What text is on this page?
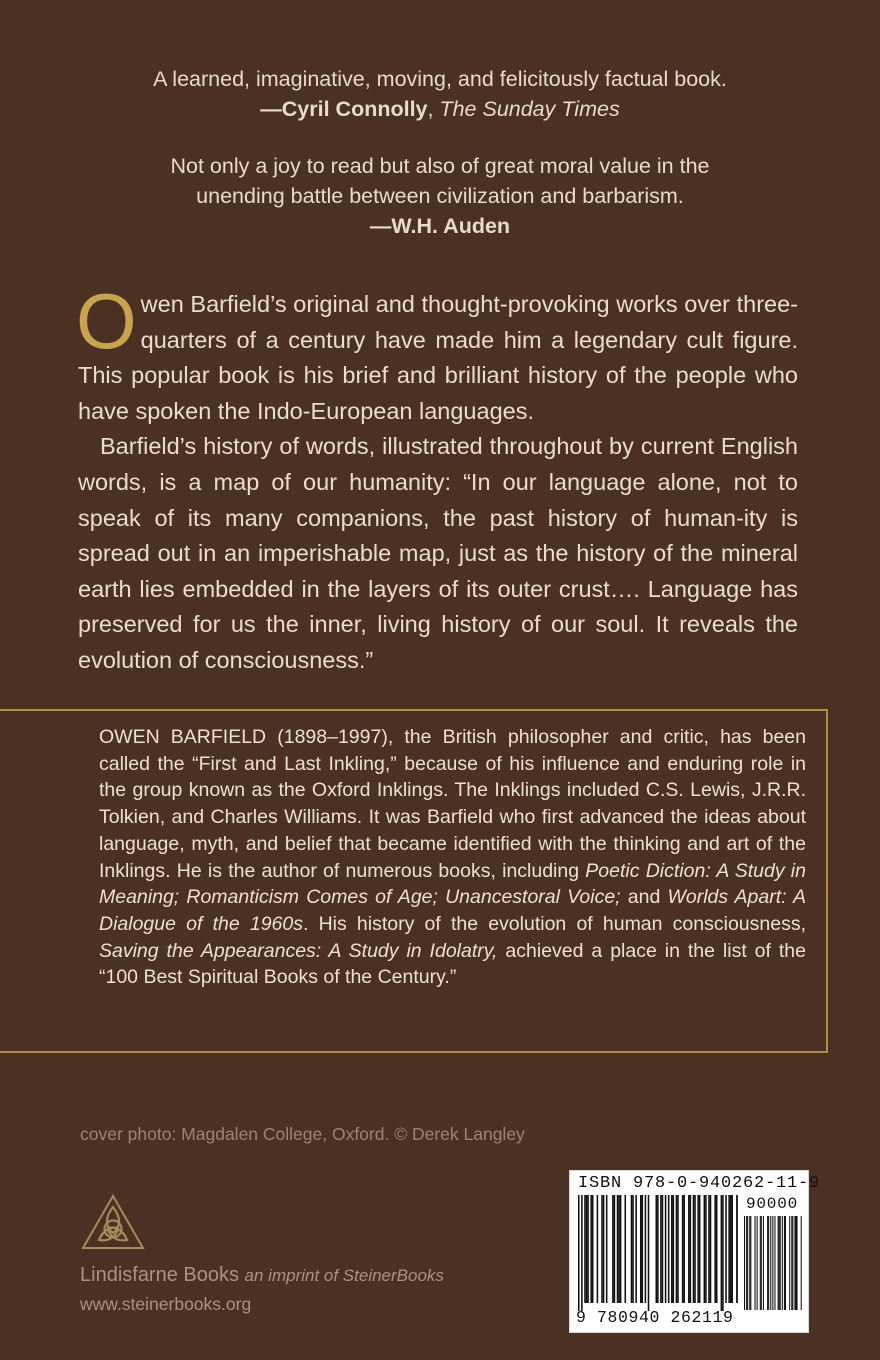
A learned, imaginative, moving, and felicitously factual book.
—Cyril Connolly, The Sunday Times
Not only a joy to read but also of great moral value in the
unending battle between civilization and barbarism.
—W.H. Auden

Owen Barfield’s original and thought-provoking works over three-quarters of a century have made him a legendary cult figure. This popular book is his brief and brilliant history of the people who have spoken the Indo-European languages.

Barfield’s history of words, illustrated throughout by current English words, is a map of our humanity: “In our language alone, not to speak of its many companions, the past history of human-ity is spread out in an imperishable map, just as the history of the mineral earth lies embedded in the layers of its outer crust…. Language has preserved for us the inner, living history of our soul. It reveals the evolution of consciousness.”

OWEN BARFIELD (1898–1997), the British philosopher and critic, has been called the “First and Last Inkling,” because of his influence and enduring role in the group known as the Oxford Inklings. The Inklings included C.S. Lewis, J.R.R. Tolkien, and Charles Williams. It was Barfield who first advanced the ideas about language, myth, and belief that became identified with the thinking and art of the Inklings. He is the author of numerous books, including Poetic Diction: A Study in Meaning; Romanticism Comes of Age; Unancestoral Voice; and Worlds Apart: A Dialogue of the 1960s. His history of the evolution of human consciousness, Saving the Appearances: A Study in Idolatry, achieved a place in the list of the “100 Best Spiritual Books of the Century.”

cover photo: Magdalen College, Oxford. © Derek Langley
Lindisfarne Books an imprint of SteinerBooks
www.steinerbooks.org
ISBN 978-0-940262-11-9
90000
9 780940 262119
